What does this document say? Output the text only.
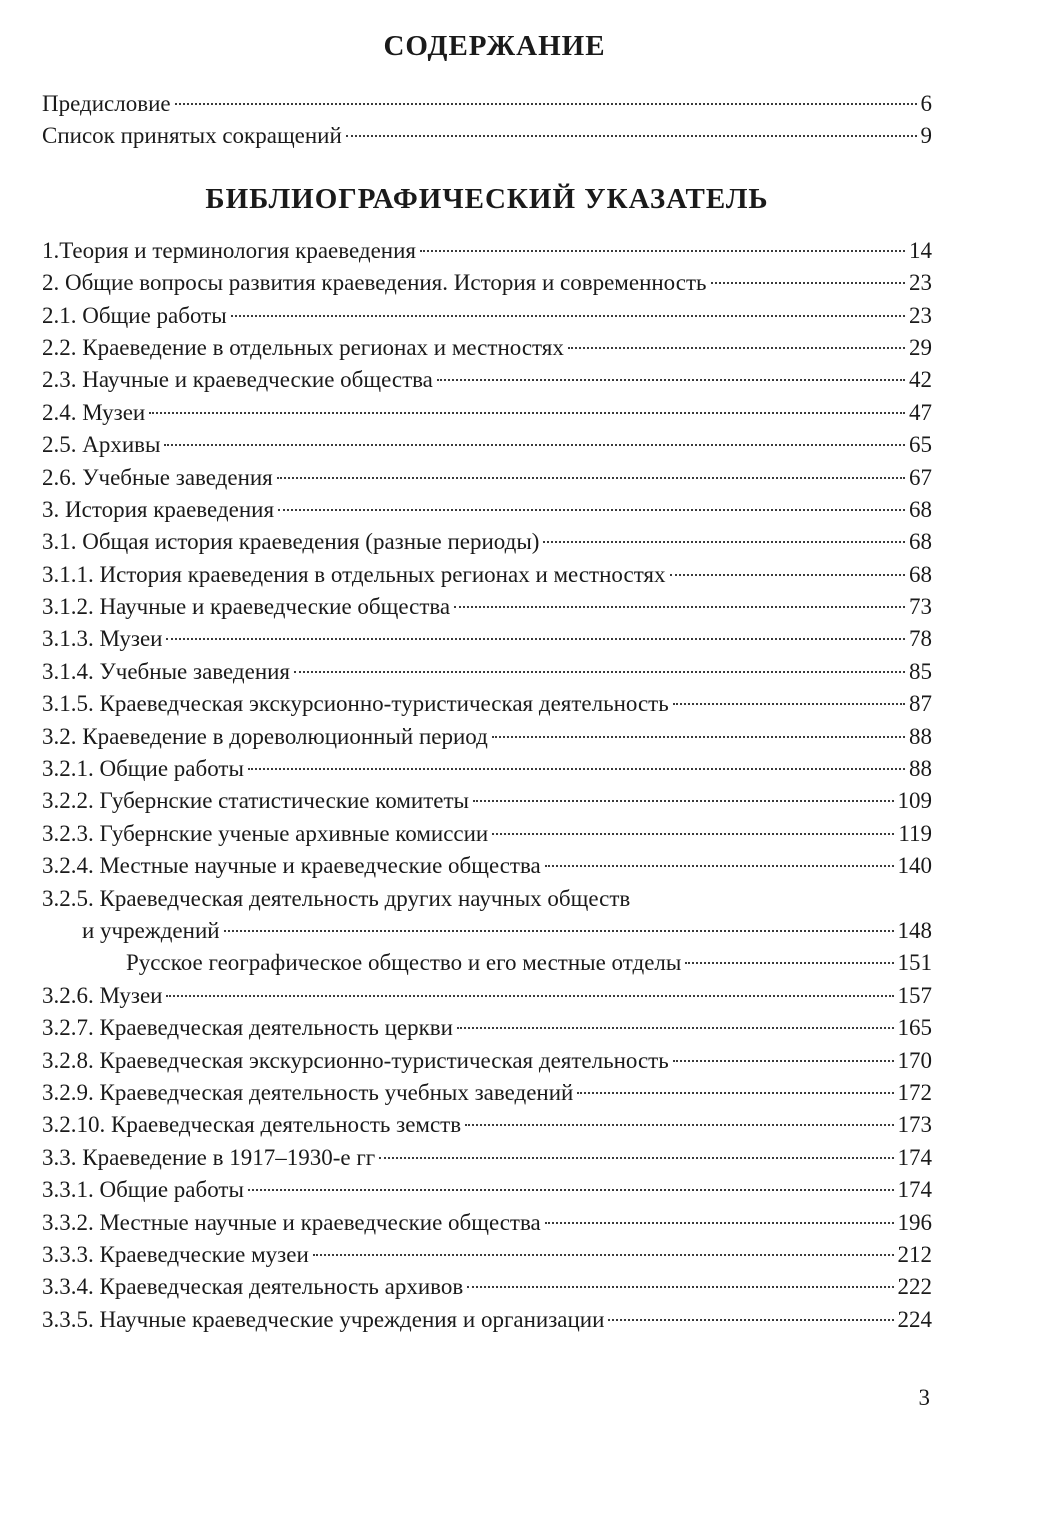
СОДЕРЖАНИЕ
Предисловие	6
Список принятых сокращений	9
БИБЛИОГРАФИЧЕСКИЙ УКАЗАТЕЛЬ
1.Теория и терминология краеведения	14
2. Общие вопросы развития краеведения. История и современность	23
2.1. Общие работы	23
2.2. Краеведение в отдельных регионах и местностях	29
2.3. Научные и краеведческие общества	42
2.4. Музеи	47
2.5. Архивы	65
2.6. Учебные заведения	67
3. История краеведения	68
3.1. Общая история краеведения (разные периоды)	68
3.1.1. История краеведения в отдельных регионах и местностях	68
3.1.2. Научные и краеведческие общества	73
3.1.3. Музеи	78
3.1.4. Учебные заведения	85
3.1.5. Краеведческая экскурсионно-туристическая деятельность	87
3.2. Краеведение в дореволюционный период	88
3.2.1. Общие работы	88
3.2.2. Губернские статистические комитеты	109
3.2.3. Губернские ученые архивные комиссии	119
3.2.4. Местные научные и краеведческие общества	140
3.2.5. Краеведческая деятельность других научных обществ
и учреждений	148
Русское географическое общество и его местные отделы	151
3.2.6. Музеи	157
3.2.7. Краеведческая деятельность церкви	165
3.2.8. Краеведческая экскурсионно-туристическая деятельность	170
3.2.9. Краеведческая деятельность учебных заведений	172
3.2.10. Краеведческая деятельность земств	173
3.3. Краеведение в 1917–1930-е гг	174
3.3.1. Общие работы	174
3.3.2. Местные научные и краеведческие общества	196
3.3.3. Краеведческие музеи	212
3.3.4. Краеведческая деятельность архивов	222
3.3.5. Научные краеведческие учреждения и организации	224
3
